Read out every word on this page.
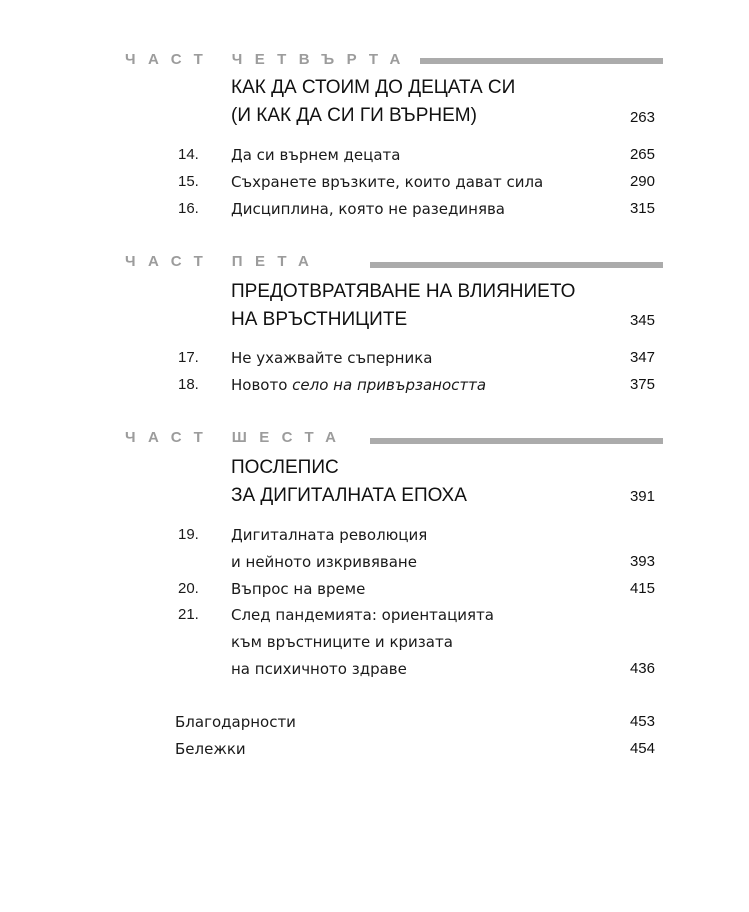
ЧАСТ ЧЕТВЪРТА
КАК ДА СТОИМ ДО ДЕЦАТА СИ
(И КАК ДА СИ ГИ ВЪРНЕМ)	263
14. Да си върнем децата	265
15. Съхранете връзките, които дават сила	290
16. Дисциплина, която не разединява	315
ЧАСТ ПЕТА
ПРЕДОТВРАТЯВАНЕ НА ВЛИЯНИЕТО
НА ВРЪСТНИЦИТЕ	345
17. Не ухажвайте съперника	347
18. Новото село на привързаността	375
ЧАСТ ШЕСТА
ПОСЛЕПИС
ЗА ДИГИТАЛНАТА ЕПОХА	391
19. Дигиталната революция
и нейното изкривяване	393
20. Въпрос на време	415
21. След пандемията: ориентацията
към връстниците и кризата
на психичното здраве	436
Благодарности	453
Бележки	454
